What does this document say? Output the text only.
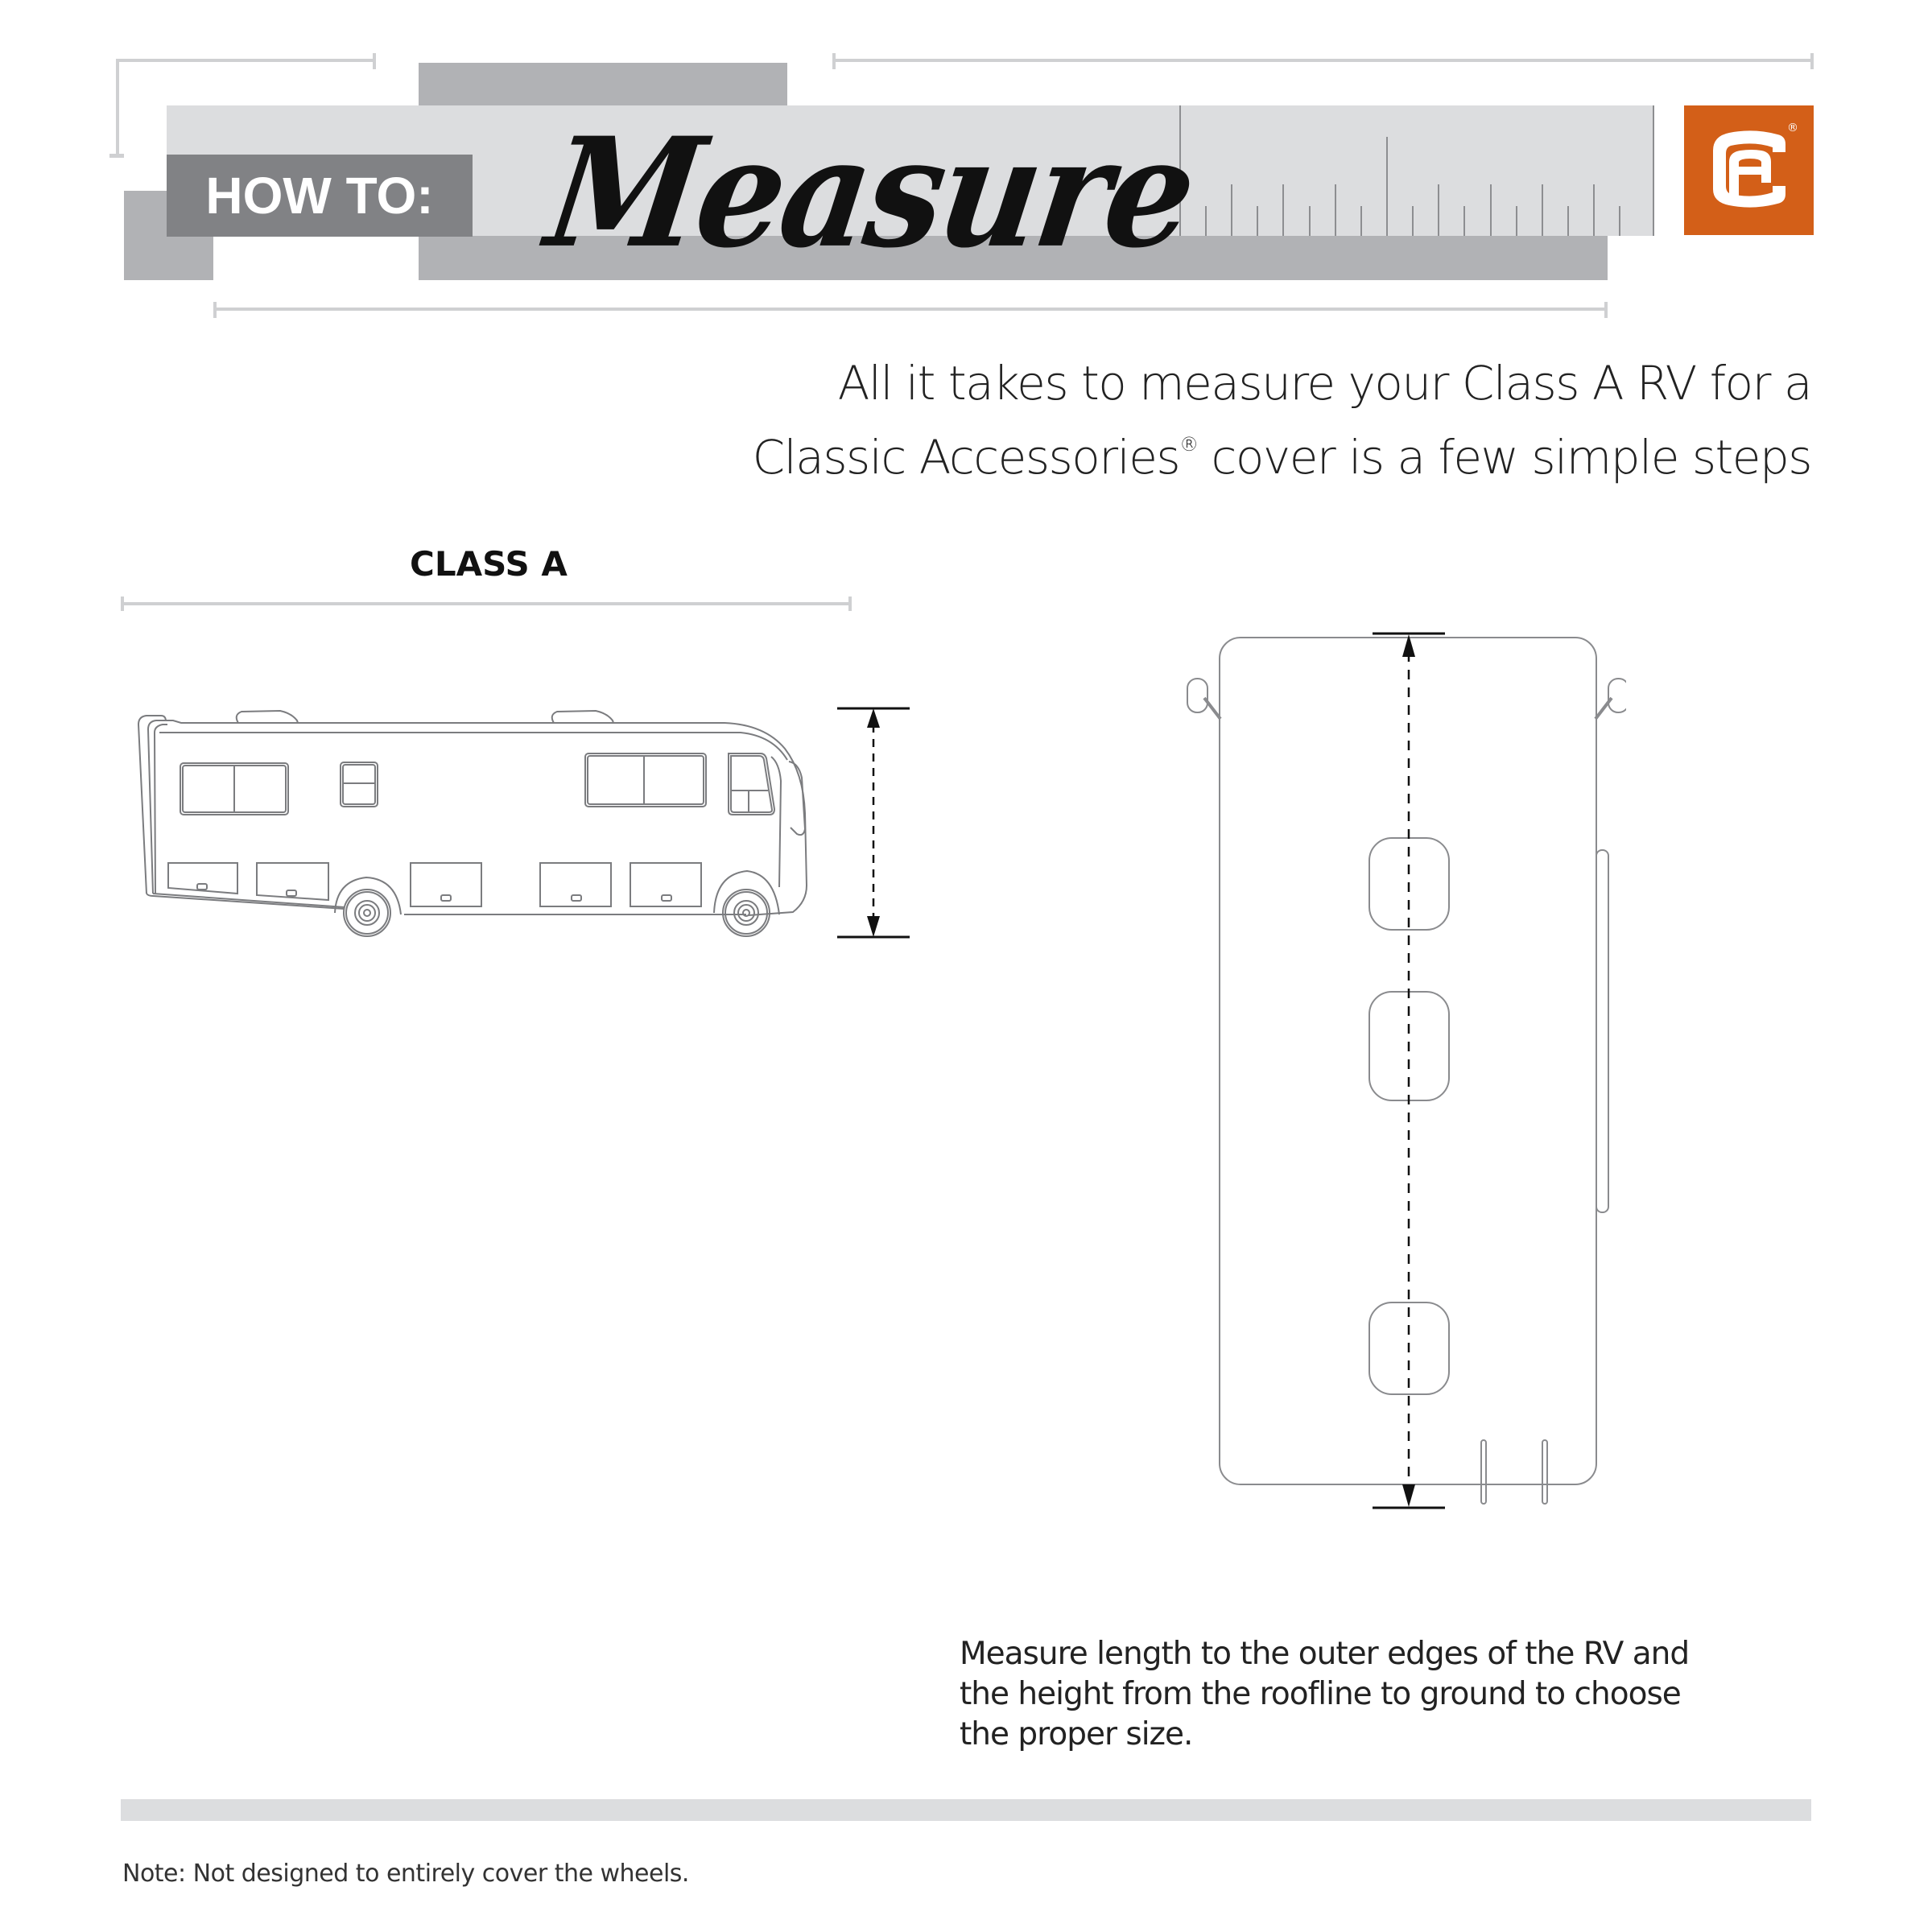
HOW TO: Measure	®
All it takes to measure your Class A RV for a
Classic Accessories® cover is a few simple steps
CLASS A
Measure length to the outer edges of the RV and
the height from the roofline to ground to choose
the proper size.
Note: Not designed to entirely cover the wheels.
